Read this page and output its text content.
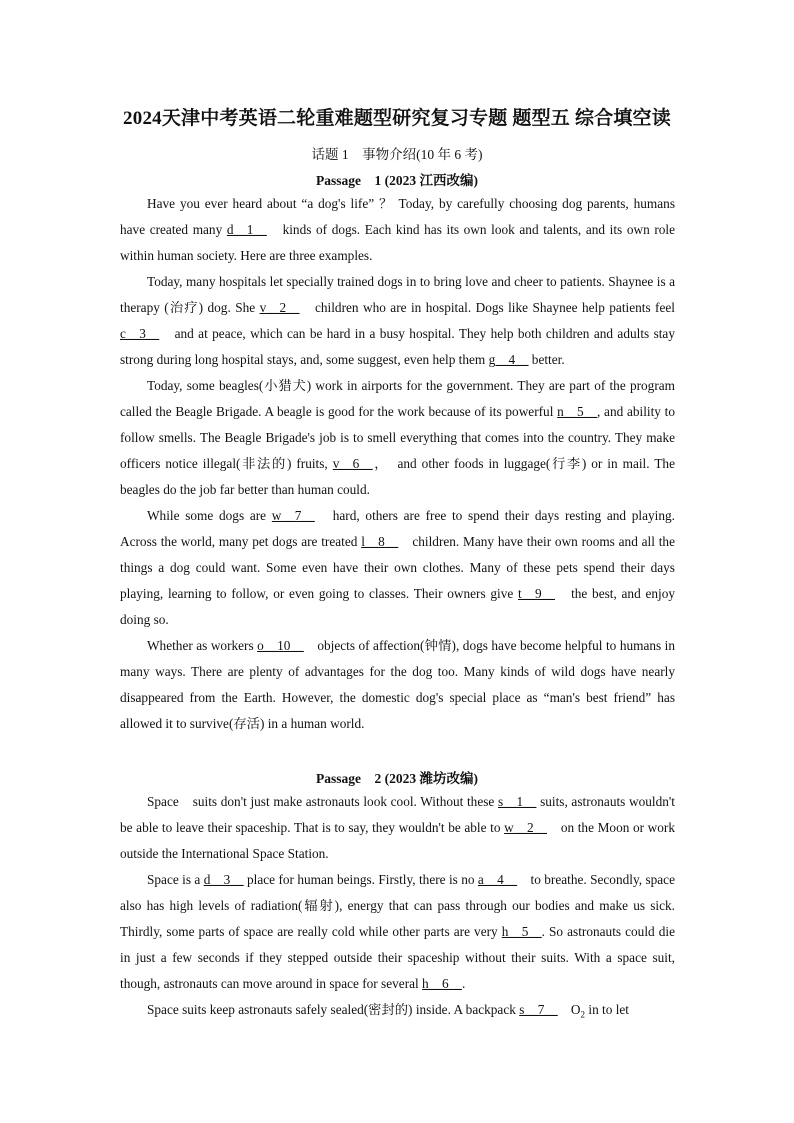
2024天津中考英语二轮重难题型研究复习专题 题型五 综合填空读
话题 1　事物介绍(10 年 6 考)
Passage　1 (2023 江西改编)

Have you ever heard about “a dog's life” ？ Today, by carefully choosing dog parents, humans have created many d__1__　kinds of dogs. Each kind has its own look and talents, and its own role within human society. Here are three examples.

Today, many hospitals let specially trained dogs in to bring love and cheer to patients. Shaynee is a therapy (治疗) dog. She v__2__　children who are in hospital. Dogs like Shaynee help patients feel c__3__　and at peace, which can be hard in a busy hospital. They help both children and adults stay strong during long hospital stays, and, some suggest, even help them g__4__ better.

Today, some beagles(小猎犬) work in airports for the government. They are part of the program called the Beagle Brigade. A beagle is good for the work because of its powerful n__5__, and ability to follow smells. The Beagle Brigade's job is to smell everything that comes into the country. They make officers notice illegal(非法的) fruits, v__6__，　and other foods in luggage(行李) or in mail. The beagles do the job far better than human could.

While some dogs are w__7__　hard, others are free to spend their days resting and playing. Across the world, many pet dogs are treated l__8__　children. Many have their own rooms and all the things a dog could want. Some even have their own clothes. Many of these pets spend their days playing, learning to follow, or even going to classes. Their owners give t__9__　the best, and enjoy doing so.

Whether as workers o__10__　objects of affection(钟情), dogs have become helpful to humans in many ways. There are plenty of advantages for the dog too. Many kinds of wild dogs have nearly disappeared from the Earth. However, the domestic dog's special place as “man's best friend” has allowed it to survive(存活) in a human world.

Passage　2 (2023 潍坊改编)

Space　suits don't just make astronauts look cool. Without these s__1__ suits, astronauts wouldn't be able to leave their spaceship. That is to say, they wouldn't be able to w__2__　on the Moon or work outside the International Space Station.

Space is a d__3__ place for human beings. Firstly, there is no a__4__　to breathe. Secondly, space also has high levels of radiation(辐射), energy that can pass through our bodies and make us sick. Thirdly, some parts of space are really cold while other parts are very h__5__. So astronauts could die in just a few seconds if they stepped outside their spaceship without their suits. With a space suit, though, astronauts can move around in space for several h__6__.

Space suits keep astronauts safely sealed(密封的) inside. A backpack s__7__　$O_2$ in to let
